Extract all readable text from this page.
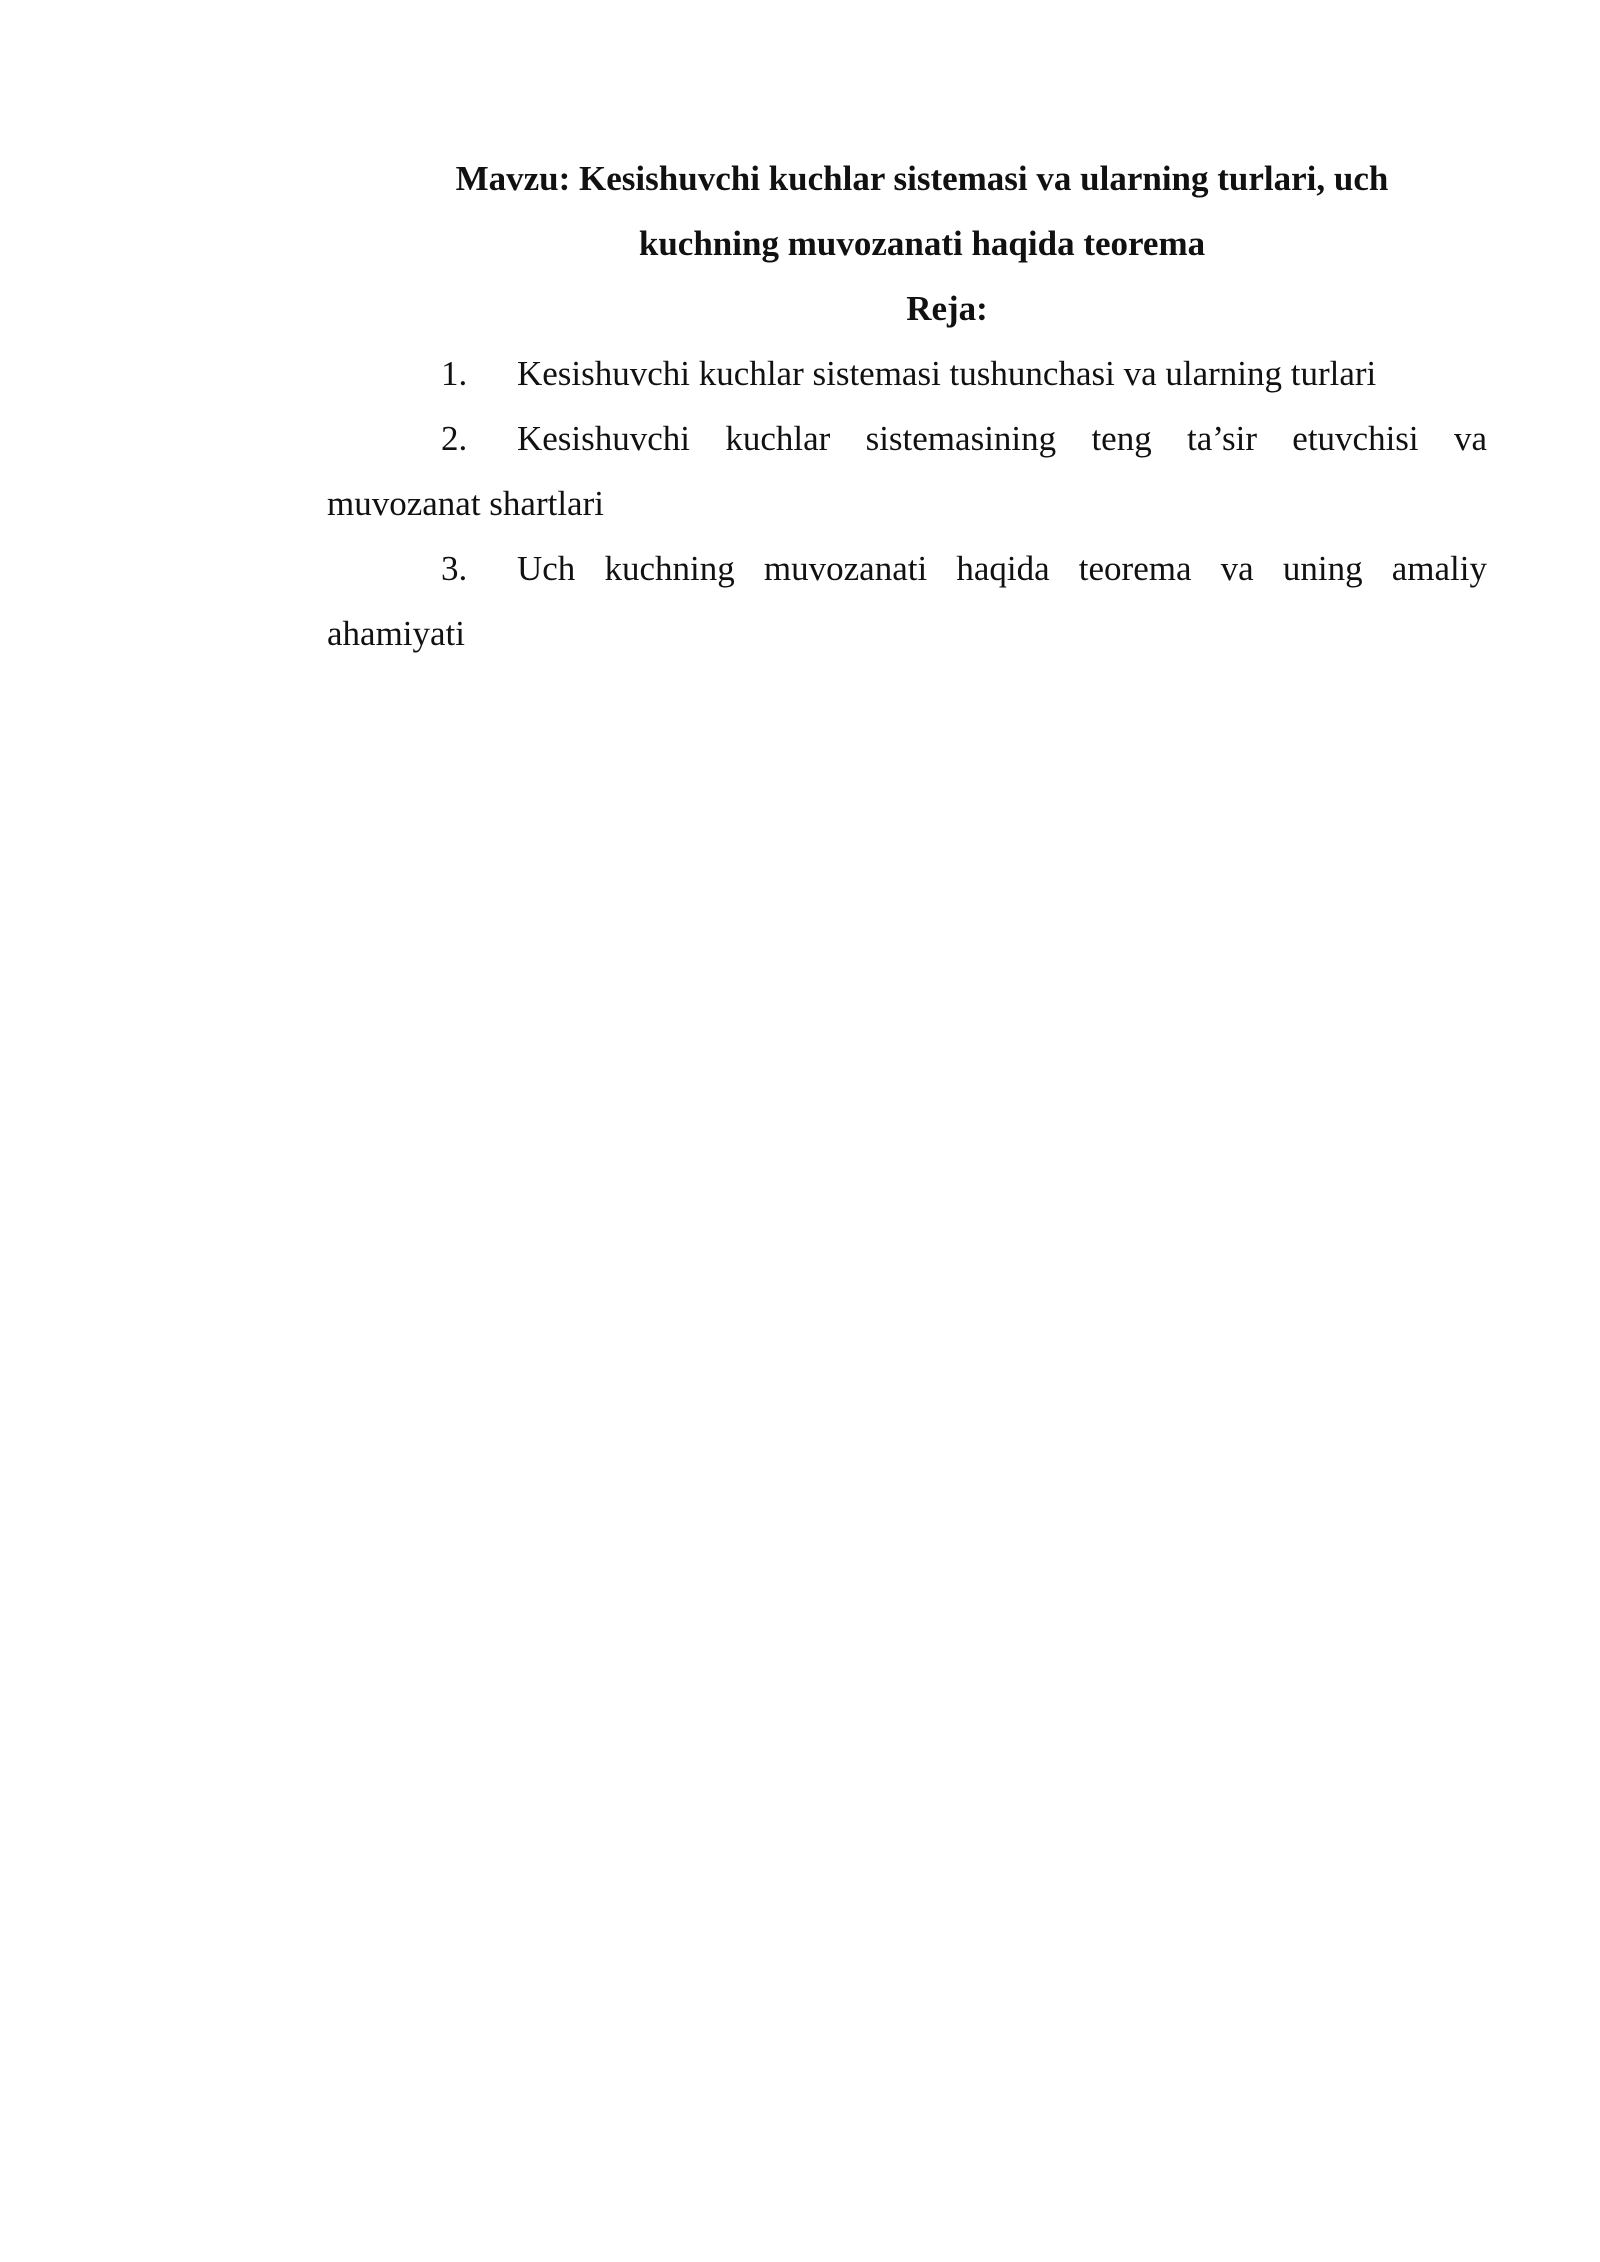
Mavzu: Kesishuvchi kuchlar sistemasi va ularning turlari, uch
kuchning muvozanati haqida teorema
Reja:
1. Kesishuvchi kuchlar sistemasi tushunchasi va ularning turlari
2. Kesishuvchi kuchlar sistemasining teng ta’sir etuvchisi va muvozanat shartlari
3. Uch kuchning muvozanati haqida teorema va uning amaliy ahamiyati
